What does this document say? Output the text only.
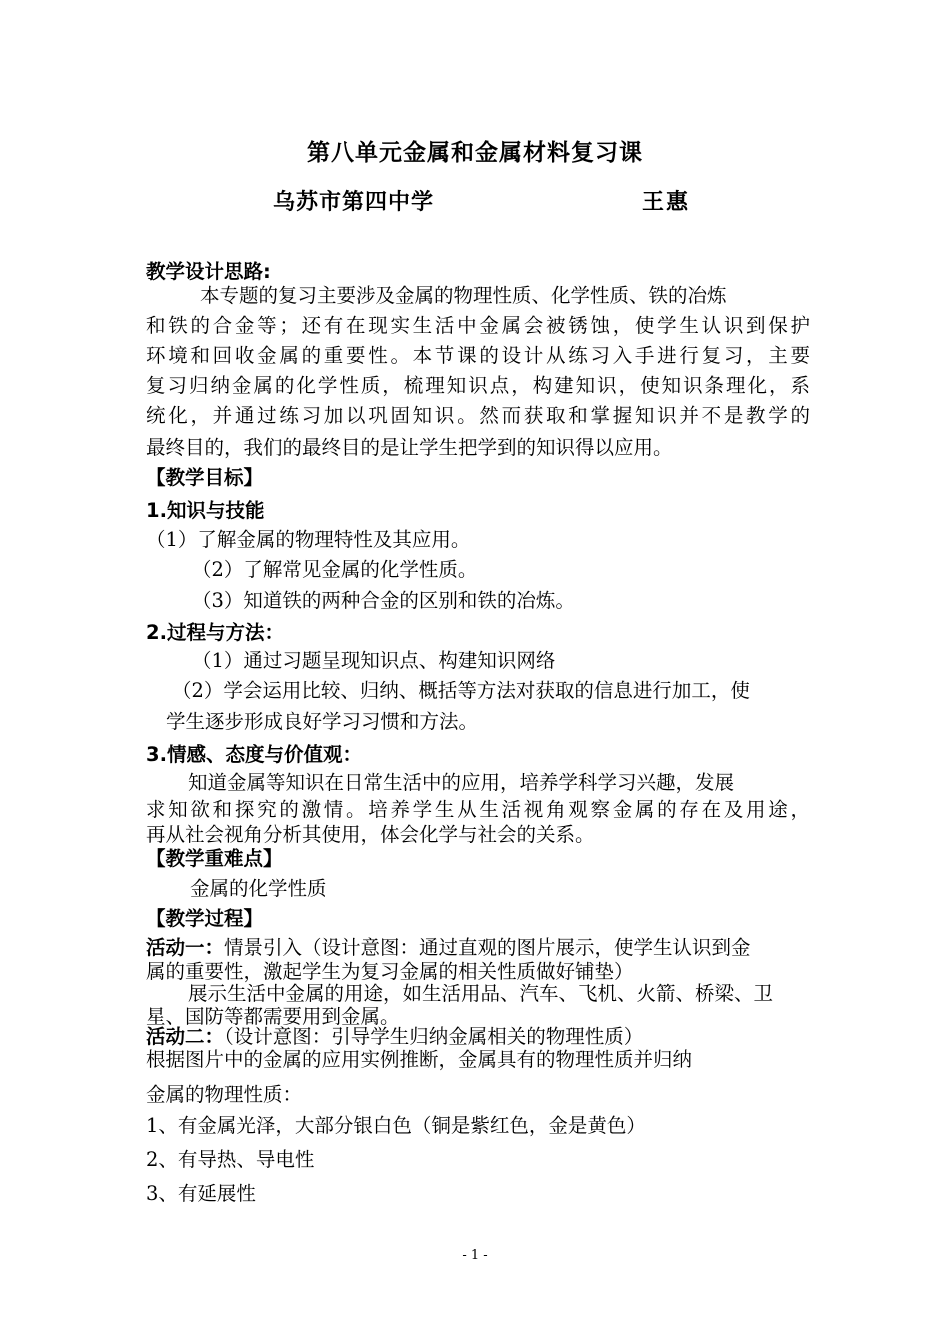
第八单元金属和金属材料复习课
乌苏市第四中学	王惠
教学设计思路:
本专题的复习主要涉及金属的物理性质、化学性质、铁的冶炼
和铁的合金等；还有在现实生活中金属会被锈蚀，使学生认识到保护
环境和回收金属的重要性。本节课的设计从练习入手进行复习，主要
复习归纳金属的化学性质，梳理知识点，构建知识，使知识条理化，系
统化，并通过练习加以巩固知识。然而获取和掌握知识并不是教学的
最终目的，我们的最终目的是让学生把学到的知识得以应用。
【教学目标】
1.知识与技能
（1）了解金属的物理特性及其应用。
（2）了解常见金属的化学性质。
（3）知道铁的两种合金的区别和铁的冶炼。
2.过程与方法：
（1）通过习题呈现知识点、构建知识网络
（2）学会运用比较、归纳、概括等方法对获取的信息进行加工，使
学生逐步形成良好学习习惯和方法。
3.情感、态度与价值观：
知道金属等知识在日常生活中的应用，培养学科学习兴趣，发展
求知欲和探究的激情。培养学生从生活视角观察金属的存在及用途，
再从社会视角分析其使用，体会化学与社会的关系。
【教学重难点】
金属的化学性质
【教学过程】
活动一：情景引入（设计意图：通过直观的图片展示，使学生认识到金
属的重要性，激起学生为复习金属的相关性质做好铺垫）
展示生活中金属的用途，如生活用品、汽车、飞机、火箭、桥梁、卫
星、国防等都需要用到金属。
活动二：（设计意图：引导学生归纳金属相关的物理性质）
根据图片中的金属的应用实例推断，金属具有的物理性质并归纳
金属的物理性质：
1、有金属光泽，大部分银白色（铜是紫红色，金是黄色）
2、有导热、导电性
3、有延展性
- 1 -
